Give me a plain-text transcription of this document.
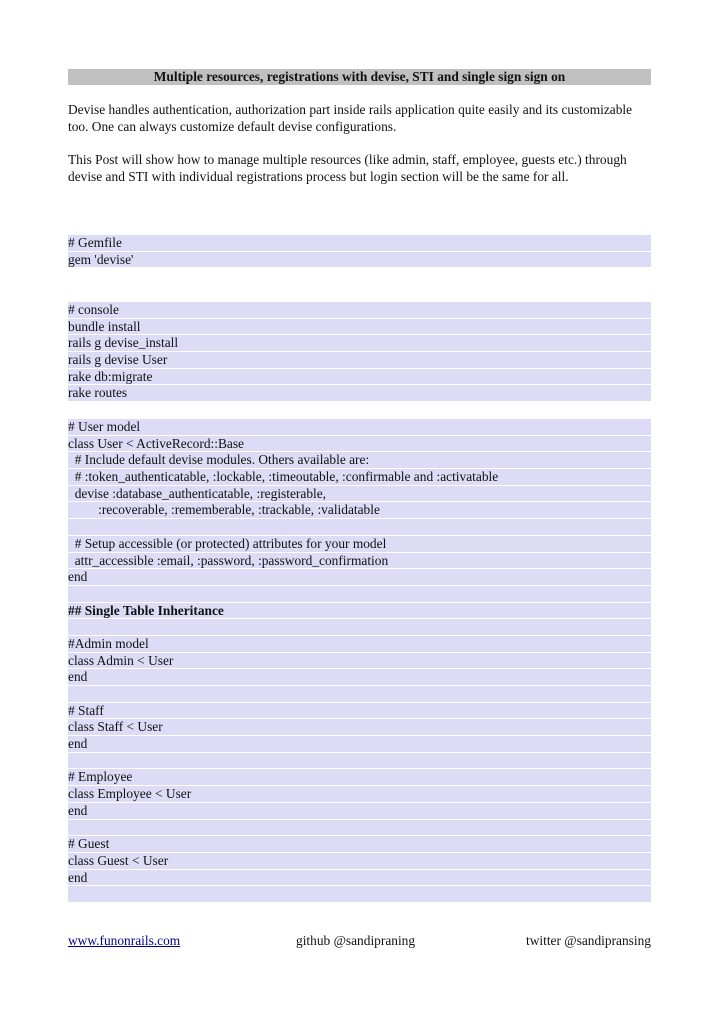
Multiple resources, registrations with devise, STI and single sign sign on

Devise handles authentication, authorization part inside rails application quite easily and its customizable too. One can always customize default devise configurations.

This Post will show how to manage multiple resources (like admin, staff, employee, guests etc.) through devise and STI with individual registrations process but login section will be the same for all.

# Gemfile
gem 'devise'
# console
bundle install
rails g devise_install
rails g devise User
rake db:migrate
rake routes
# User model
class User < ActiveRecord::Base
# Include default devise modules. Others available are:
# :token_authenticatable, :lockable, :timeoutable, :confirmable and :activatable
devise :database_authenticatable, :registerable,
:recoverable, :rememberable, :trackable, :validatable
# Setup accessible (or protected) attributes for your model
attr_accessible :email, :password, :password_confirmation
end
## Single Table Inheritance
#Admin model
class Admin < User
end
# Staff
class Staff < User
end
# Employee
class Employee < User
end
# Guest
class Guest < User
end
www.funonrails.com	github @sandipraning	twitter @sandipransing
